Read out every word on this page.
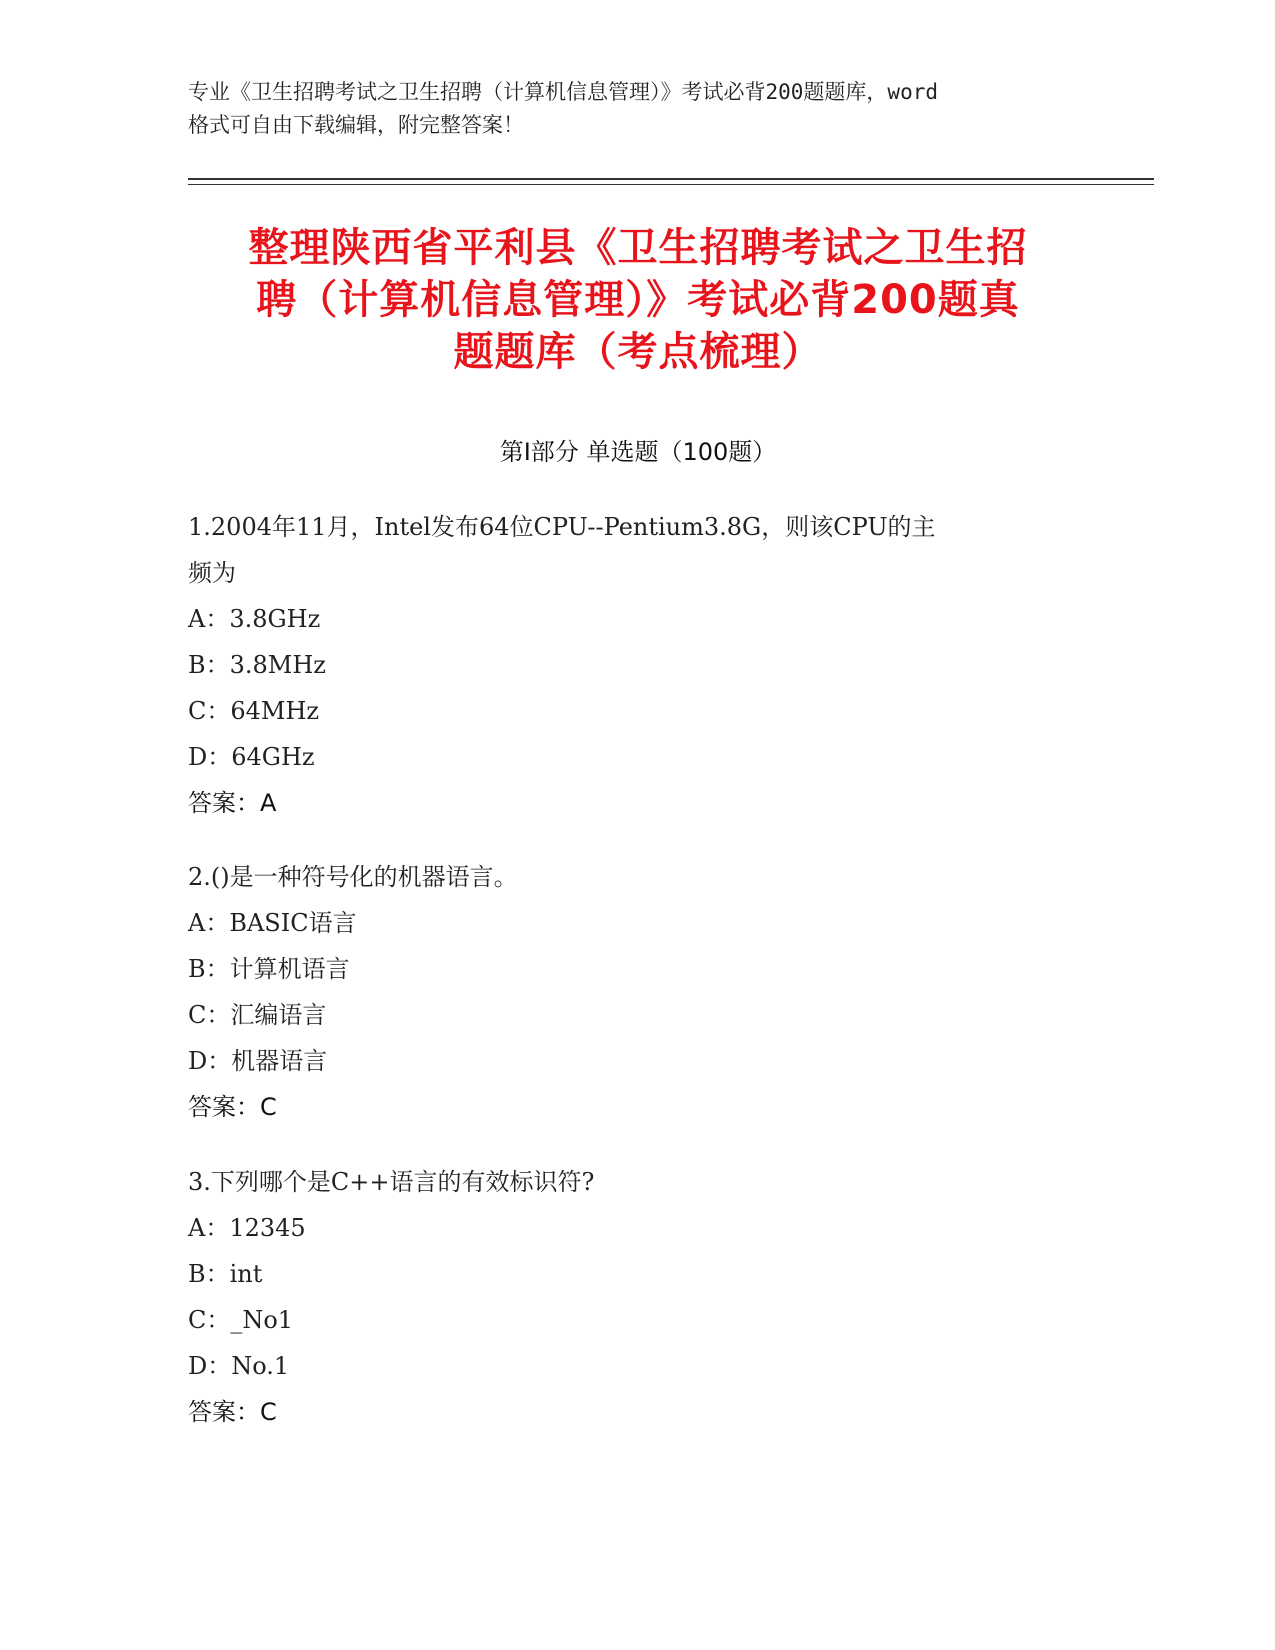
专业《卫生招聘考试之卫生招聘（计算机信息管理）》考试必背200题题库，word
格式可自由下载编辑，附完整答案！
整理陕西省平利县《卫生招聘考试之卫生招
聘（计算机信息管理）》考试必背200题真
题题库（考点梳理）
第Ⅰ部分 单选题（100题）

1.2004年11月，Intel发布64位CPU--Pentium3.8G，则该CPU的主

频为

A：3.8GHz

B：3.8MHz

C：64MHz

D：64GHz

答案：A

2.()是一种符号化的机器语言。

A：BASIC语言

B：计算机语言

C：汇编语言

D：机器语言

答案：C

3.下列哪个是C++语言的有效标识符?

A：12345

B：int

C：_No1

D：No.1

答案：C
